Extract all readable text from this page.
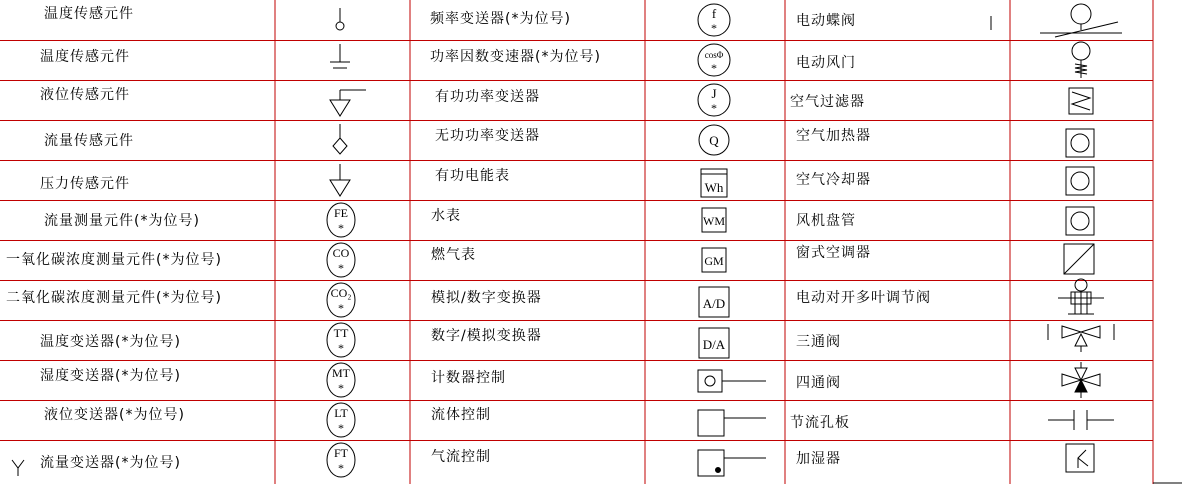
FE
*
CO
*
CO₂
*
TT
*
MT
*
LT
*
FT
*
f
*
cosΦ
*
J
*
Q
Wh
WM
GM
A/D
D/A
温度传感元件
温度传感元件
液位传感元件
流量传感元件
压力传感元件
流量测量元件(*为位号)
一氧化碳浓度测量元件(*为位号)
二氧化碳浓度测量元件(*为位号)
温度变送器(*为位号)
湿度变送器(*为位号)
液位变送器(*为位号)
流量变送器(*为位号)
频率变送器(*为位号)
功率因数变速器(*为位号)
有功功率变送器
无功功率变送器
有功电能表
水表
燃气表
模拟/数字变换器
数字/模拟变换器
计数器控制
流体控制
气流控制
电动蝶阀
电动风门
空气过滤器
空气加热器
空气冷却器
风机盘管
窗式空调器
电动对开多叶调节阀
三通阀
四通阀
节流孔板
加湿器
